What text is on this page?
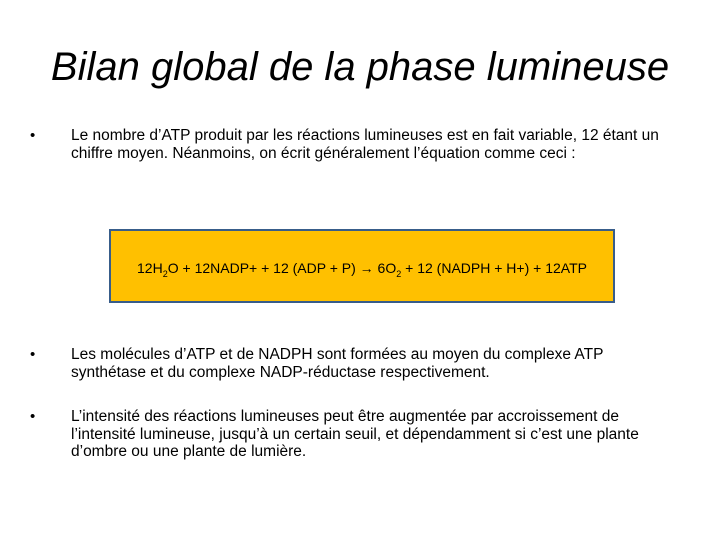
Bilan global de la phase lumineuse
•	Le nombre d’ATP produit par les réactions lumineuses est en fait variable, 12 étant un chiffre moyen. Néanmoins, on écrit généralement l’équation comme ceci :
$12H_2O$ + 12NADP+ + 12 $(ADP + P) \to 6O_2 + 12$ (NADPH + H+) + 12ATP
•	Les molécules d’ATP et de NADPH sont formées au moyen du complexe ATP synthétase et du complexe NADP-réductase respectivement.
•	L’intensité des réactions lumineuses peut être augmentée par accroissement de l’intensité lumineuse, jusqu’à un certain seuil, et dépendamment si c’est une plante d’ombre ou une plante de lumière.
